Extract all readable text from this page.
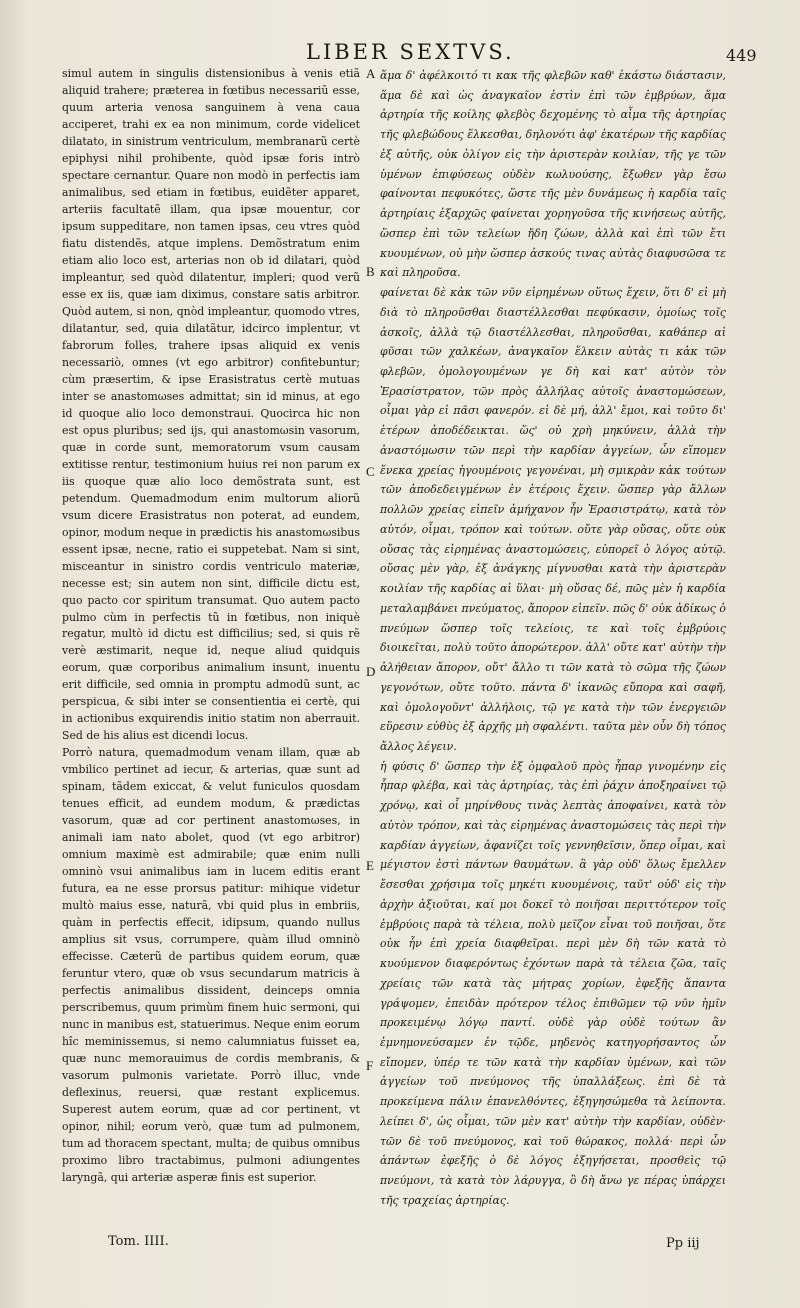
LIBER SEXTVS.	449

simul autem in singulis distensionibus à venis etiã aliquid trahere; præterea in fœtibus necessariũ esse, quum arteria venosa sanguinem à vena caua acciperet, trahi ex ea non minimum, corde videlicet dilatato, in sinistrum ventriculum, membranarũ certè epiphysi nihil prohibente, quòd ipsæ foris intrò spectare cernantur. Quare non modò in perfectis iam animalibus, sed etiam in fœtibus, euidẽter apparet, arteriis facultatẽ illam, qua ipsæ mouentur, cor ipsum suppeditare, non tamen ipsas, ceu vtres quòd fiatu distendẽs, atque implens. Demõstratum enim etiam alio loco est, arterias non ob id dilatari, quòd impleantur, sed quòd dilatentur, impleri; quod verũ esse ex iis, quæ iam diximus, constare satis arbitror. Quòd autem, si non, qnòd impleantur, quomodo vtres, dilatantur, sed, quia dilatãtur, idcirco implentur, vt fabrorum folles, trahere ipsas aliquid ex venis necessariò, omnes (vt ego arbitror) confitebuntur; cùm præsertim, & ipse Erasistratus certè mutuas inter se anastomωses admittat; sin id minus, at ego id quoque alio loco demonstraui. Quocirca hic non est opus pluribus; sed ijs, qui anastomωsin vasorum, quæ in corde sunt, memoratorum vsum causam extitisse rentur, testimonium huius rei non parum ex iis quoque quæ alio loco demõstrata sunt, est petendum. Quemadmodum enim multorum aliorũ vsum dicere Erasistratus non poterat, ad eundem, opinor, modum neque in prædictis his anastomωsibus essent ipsæ, necne, ratio ei suppetebat. Nam si sint, misceantur in sinistro cordis ventriculo materiæ, necesse est; sin autem non sint, difficile dictu est, quo pacto cor spiritum transumat. Quo autem pacto pulmo cùm in perfectis tũ in fœtibus, non iniquè regatur, multò id dictu est difficilius; sed, si quis rẽ verè æstimarit, neque id, neque aliud quidquis eorum, quæ corporibus animalium insunt, inuentu erit difficile, sed omnia in promptu admodũ sunt, ac perspicua, & sibi inter se consentientia ei certè, qui in actionibus exquirendis initio statim non aberrauit. Sed de his alius est dicendi locus.

Porrò natura, quemadmodum venam illam, quæ ab vmbilico pertinet ad iecur, & arterias, quæ sunt ad spinam, tãdem exiccat, & velut funiculos quosdam tenues efficit, ad eundem modum, & prædictas vasorum, quæ ad cor pertinent anastomωses, in animali iam nato abolet, quod (vt ego arbitror) omnium maximè est admirabile; quæ enim nulli omninò vsui animalibus iam in lucem editis erant futura, ea ne esse prorsus patitur: mihique videtur multò maius esse, naturã, vbi quid plus in embriis, quàm in perfectis effecit, idipsum, quando nullus amplius sit vsus, corrumpere, quàm illud omninò effecisse. Cæterũ de partibus quidem eorum, quæ feruntur vtero, quæ ob vsus secundarum matricis à perfectis animalibus dissident, deinceps omnia perscribemus, quum primùm finem huic sermoni, qui nunc in manibus est, statuerimus. Neque enim eorum hîc meminissemus, si nemo calumniatus fuisset ea, quæ nunc memorauimus de cordis membranis, & vasorum pulmonis varietate. Porrò illuc, vnde deflexinus, reuersi, quæ restant explicemus. Superest autem eorum, quæ ad cor pertinent, vt opinor, nihil; eorum verò, quæ tum ad pulmonem, tum ad thoracem spectant, multa; de quibus omnibus proximo libro tractabimus, pulmoni adiungentes laryngã, qui arteriæ asperæ finis est superior.

A
B
C
D
E
F

ἅμα δ' ἀφέλκοιτό τι κακ τῆς φλεβῶν καθ' ἑκάστω διάστασιν, ἅμα δὲ καὶ ὡς ἀναγκαῖον ἐστὶν ἐπὶ τῶν ἐμβρύων, ἅμα ἀρτηρία τῆς κοίλης φλεβὸς δεχομένης τὸ αἷμα τῆς ἀρτηρίας τῆς φλεβώδους ἕλκεσθαι, δηλονότι ἀφ' ἑκατέρων τῆς καρδίας ἐξ αὐτῆς, οὐκ ὀλίγον εἰς τὴν ἀριστερὰν κοιλίαν, τῆς γε τῶν ὑμένων ἐπιφύσεως οὐδὲν κωλυούσης, ἔξωθεν γὰρ ἔσω φαίνονται πεφυκότες, ὥστε τῆς μὲν δυνάμεως ἡ καρδία ταῖς ἀρτηρίαις ἐξαρχῶς φαίνεται χορηγοῦσα τῆς κινήσεως αὐτῆς, ὥσπερ ἐπὶ τῶν τελείων ἤδη ζώων, ἀλλὰ καὶ ἐπὶ τῶν ἔτι κυουμένων, οὐ μὴν ὥσπερ ἀσκούς τινας αὐτὰς διαφυσῶσα τε καὶ πληροῦσα.

φαίνεται δὲ κἀκ τῶν νῦν εἰρημένων οὕτως ἔχειν, ὅτι δ' εἰ μὴ διὰ τὸ πληροῦσθαι διαστέλλεσθαι πεφύκασιν, ὁμοίως τοῖς ἀσκοῖς, ἀλλὰ τῷ διαστέλλεσθαι, πληροῦσθαι, καθάπερ αἱ φῦσαι τῶν χαλκέων, ἀναγκαῖον ἕλκειν αὐτὰς τι κἀκ τῶν φλεβῶν, ὁμολογουμένων γε δὴ καὶ κατ' αὐτὸν τὸν Ἐρασίστρατον, τῶν πρὸς ἀλλήλας αὐτοῖς ἀναστομώσεων, οἶμαι γὰρ εἰ πᾶσι φανερόν. εἰ δὲ μή, ἀλλ' ἔμοι, καὶ τοῦτο δι' ἑτέρων ἀποδέδεικται. ὥς' οὐ χρὴ μηκύνειν, ἀλλὰ τὴν ἀναστόμωσιν τῶν περὶ τὴν καρδίαν ἀγγείων, ὧν εἵπομεν ἕνεκα χρείας ἡγουμένοις γεγονέναι, μὴ σμικρὰν κἀκ τούτων τῶν ἀποδεδειγμένων ἐν ἑτέροις ἔχειν. ὥσπερ γὰρ ἄλλων πολλῶν χρείας εἰπεῖν ἀμήχανον ἦν Ἐρασιστράτῳ, κατὰ τὸν αὐτόν, οἶμαι, τρόπον καὶ τούτων. οὔτε γὰρ οὔσας, οὔτε οὐκ οὔσας τὰς εἰρημένας ἀναστομώσεις, εὐπορεῖ ὁ λόγος αὐτῷ. οὔσας μὲν γὰρ, ἐξ ἀνάγκης μίγνυσθαι κατὰ τὴν ἀριστερὰν κοιλίαν τῆς καρδίας αἱ ὕλαι· μὴ οὔσας δέ, πῶς μὲν ἡ καρδία μεταλαμβάνει πνεύματος, ἄπορον εἰπεῖν. πῶς δ' οὐκ ἀδίκως ὁ πνεύμων ὥσπερ τοῖς τελείοις, τε καὶ τοῖς ἐμβρύοις διοικεῖται, πολὺ τοῦτο ἀπορώτερον. ἀλλ' οὔτε κατ' αὐτὴν τὴν ἀλήθειαν ἄπορον, οὔτ' ἄλλο τι τῶν κατὰ τὸ σῶμα τῆς ζώων γεγονότων, οὔτε τοῦτο. πάντα δ' ἱκανῶς εὔπορα καὶ σαφῆ, καὶ ὁμολογοῦντ' ἀλλήλοις, τῷ γε κατὰ τὴν τῶν ἐνεργειῶν εὕρεσιν εὐθὺς ἐξ ἀρχῆς μὴ σφαλέντι. ταῦτα μὲν οὖν δὴ τόπος ἄλλος λέγειν.

ἡ φύσις δ' ὥσπερ τὴν ἐξ ὀμφαλοῦ πρὸς ἧπαρ γινομένην εἰς ἧπαρ φλέβα, καὶ τὰς ἀρτηρίας, τὰς ἐπὶ ῥάχιν ἀποξηραίνει τῷ χρόνῳ, καὶ οἷ μηρίνθους τινὰς λεπτὰς ἀποφαίνει, κατὰ τὸν αὐτὸν τρόπον, καὶ τὰς εἰρημένας ἀναστομώσεις τὰς περὶ τὴν καρδίαν ἀγγείων, ἀφανίζει τοῖς γεννηθεῖσιν, ὅπερ οἶμαι, καὶ μέγιστον ἐστὶ πάντων θαυμάτων. ἃ γὰρ οὐδ' ὅλως ἔμελλεν ἔσεσθαι χρήσιμα τοῖς μηκέτι κυουμένοις, ταῦτ' οὐδ' εἰς τὴν ἀρχὴν ἀξιοῦται, καί μοι δοκεῖ τὸ ποιῆσαι περιττότερον τοῖς ἐμβρύοις παρὰ τὰ τέλεια, πολὺ μεῖζον εἶναι τοῦ ποιῆσαι, ὅτε οὐκ ἦν ἐπὶ χρεία διαφθεῖραι. περὶ μὲν δὴ τῶν κατὰ τὸ κυούμενον διαφερόντως ἐχόντων παρὰ τὰ τέλεια ζῶα, ταῖς χρείαις τῶν κατὰ τὰς μήτρας χορίων, ἐφεξῆς ἅπαντα γράψομεν, ἐπειδὰν πρότερον τέλος ἐπιθῶμεν τῷ νῦν ἡμῖν προκειμένῳ λόγῳ παντί. οὐδὲ γὰρ οὐδὲ τούτων ἂν ἐμνημονεύσαμεν ἐν τῷδε, μηδενὸς κατηγορήσαντος ὧν εἴπομεν, ὑπέρ τε τῶν κατὰ τὴν καρδίαν ὑμένων, καὶ τῶν ἀγγείων τοῦ πνεύμονος τῆς ὑπαλλάξεως. ἐπὶ δὲ τὰ προκείμενα πάλιν ἐπανελθόντες, ἐξηγησώμεθα τὰ λείποντα. λείπει δ', ὡς οἶμαι, τῶν μὲν κατ' αὐτὴν τὴν καρδίαν, οὐδὲν· τῶν δὲ τοῦ πνεύμονος, καὶ τοῦ θώρακος, πολλά· περὶ ὧν ἁπάντων ἐφεξῆς ὁ δὲ λόγος ἐξηγήσεται, προσθεὶς τῷ πνεύμονι, τὰ κατὰ τὸν λάρυγγα, ὃ δὴ ἄνω γε πέρας ὑπάρχει τῆς τραχείας ἀρτηρίας.

Tom. IIII.	Pp iij
